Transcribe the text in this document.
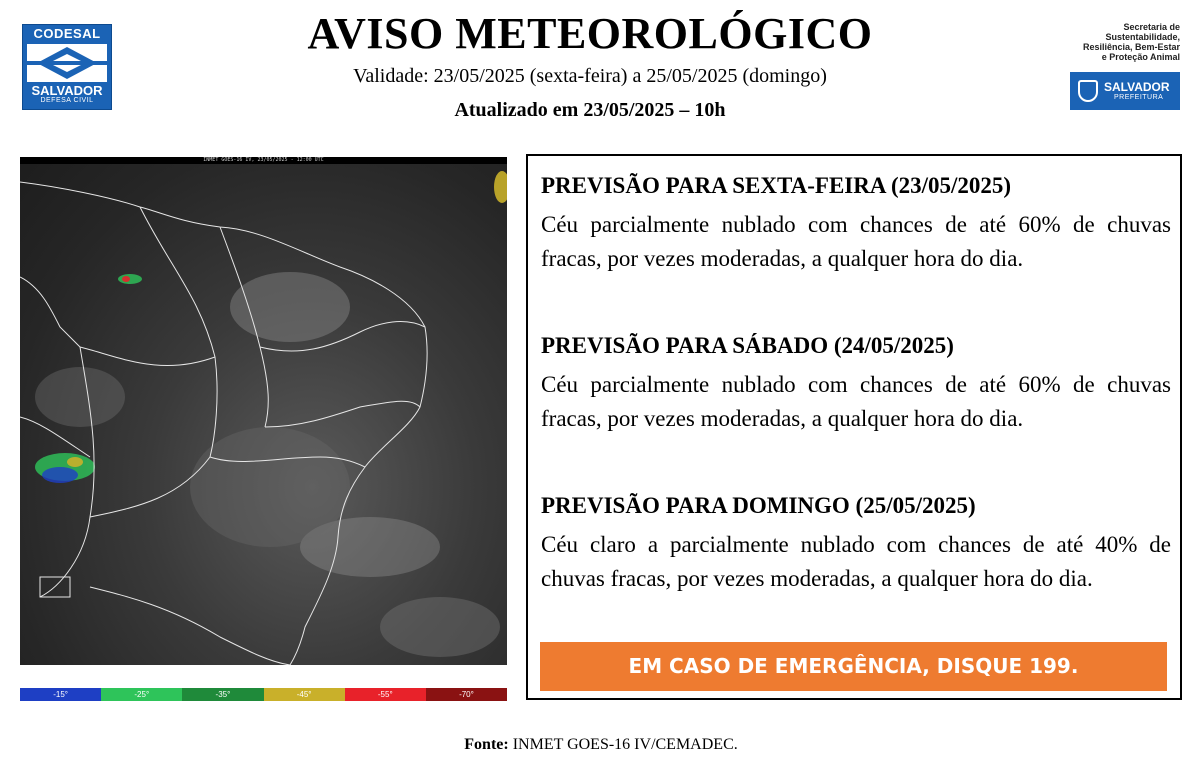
CODESAL
SALVADOR
DEFESA CIVIL
AVISO METEOROLÓGICO
Validade: 23/05/2025 (sexta-feira) a 25/05/2025 (domingo)
Atualizado em 23/05/2025 – 10h
Secretaria de
Sustentabilidade,
Resiliência, Bem-Estar
e Proteção Animal
SALVADOR
PREFEITURA
INMET GOES-16 IV, 23/05/2025 - 12:00 UTC
-15°	-25°	-35°	-45°	-55°	-70°
PREVISÃO PARA SEXTA-FEIRA (23/05/2025)

Céu parcialmente nublado com chances de até 60% de chuvas fracas, por vezes moderadas, a qualquer hora do dia.

PREVISÃO PARA SÁBADO (24/05/2025)

Céu parcialmente nublado com chances de até 60% de chuvas fracas, por vezes moderadas, a qualquer hora do dia.

PREVISÃO PARA DOMINGO (25/05/2025)

Céu claro a parcialmente nublado com chances de até 40% de chuvas fracas, por vezes moderadas, a qualquer hora do dia.

EM CASO DE EMERGÊNCIA, DISQUE 199.
Fonte: INMET GOES-16 IV/CEMADEC.
